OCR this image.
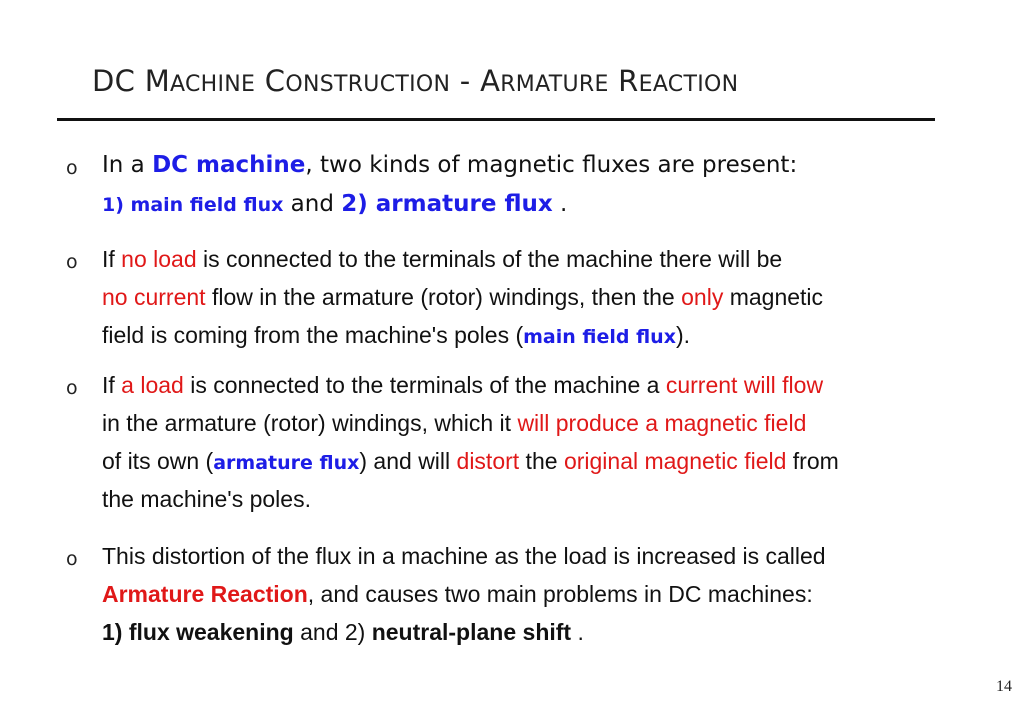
DC MACHINE CONSTRUCTION - ARMATURE REACTION
o In a DC machine, two kinds of magnetic fluxes are present:
1) main field flux and 2) armature flux .
o If no load is connected to the terminals of the machine there will be
no current flow in the armature (rotor) windings, then the only magnetic
field is coming from the machine's poles (main field flux).
o If a load is connected to the terminals of the machine a current will flow
in the armature (rotor) windings, which it will produce a magnetic field
of its own (armature flux) and will distort the original magnetic field from
the machine's poles.
o This distortion of the flux in a machine as the load is increased is called
Armature Reaction, and causes two main problems in DC machines:
1) flux weakening and 2) neutral-plane shift .
14
